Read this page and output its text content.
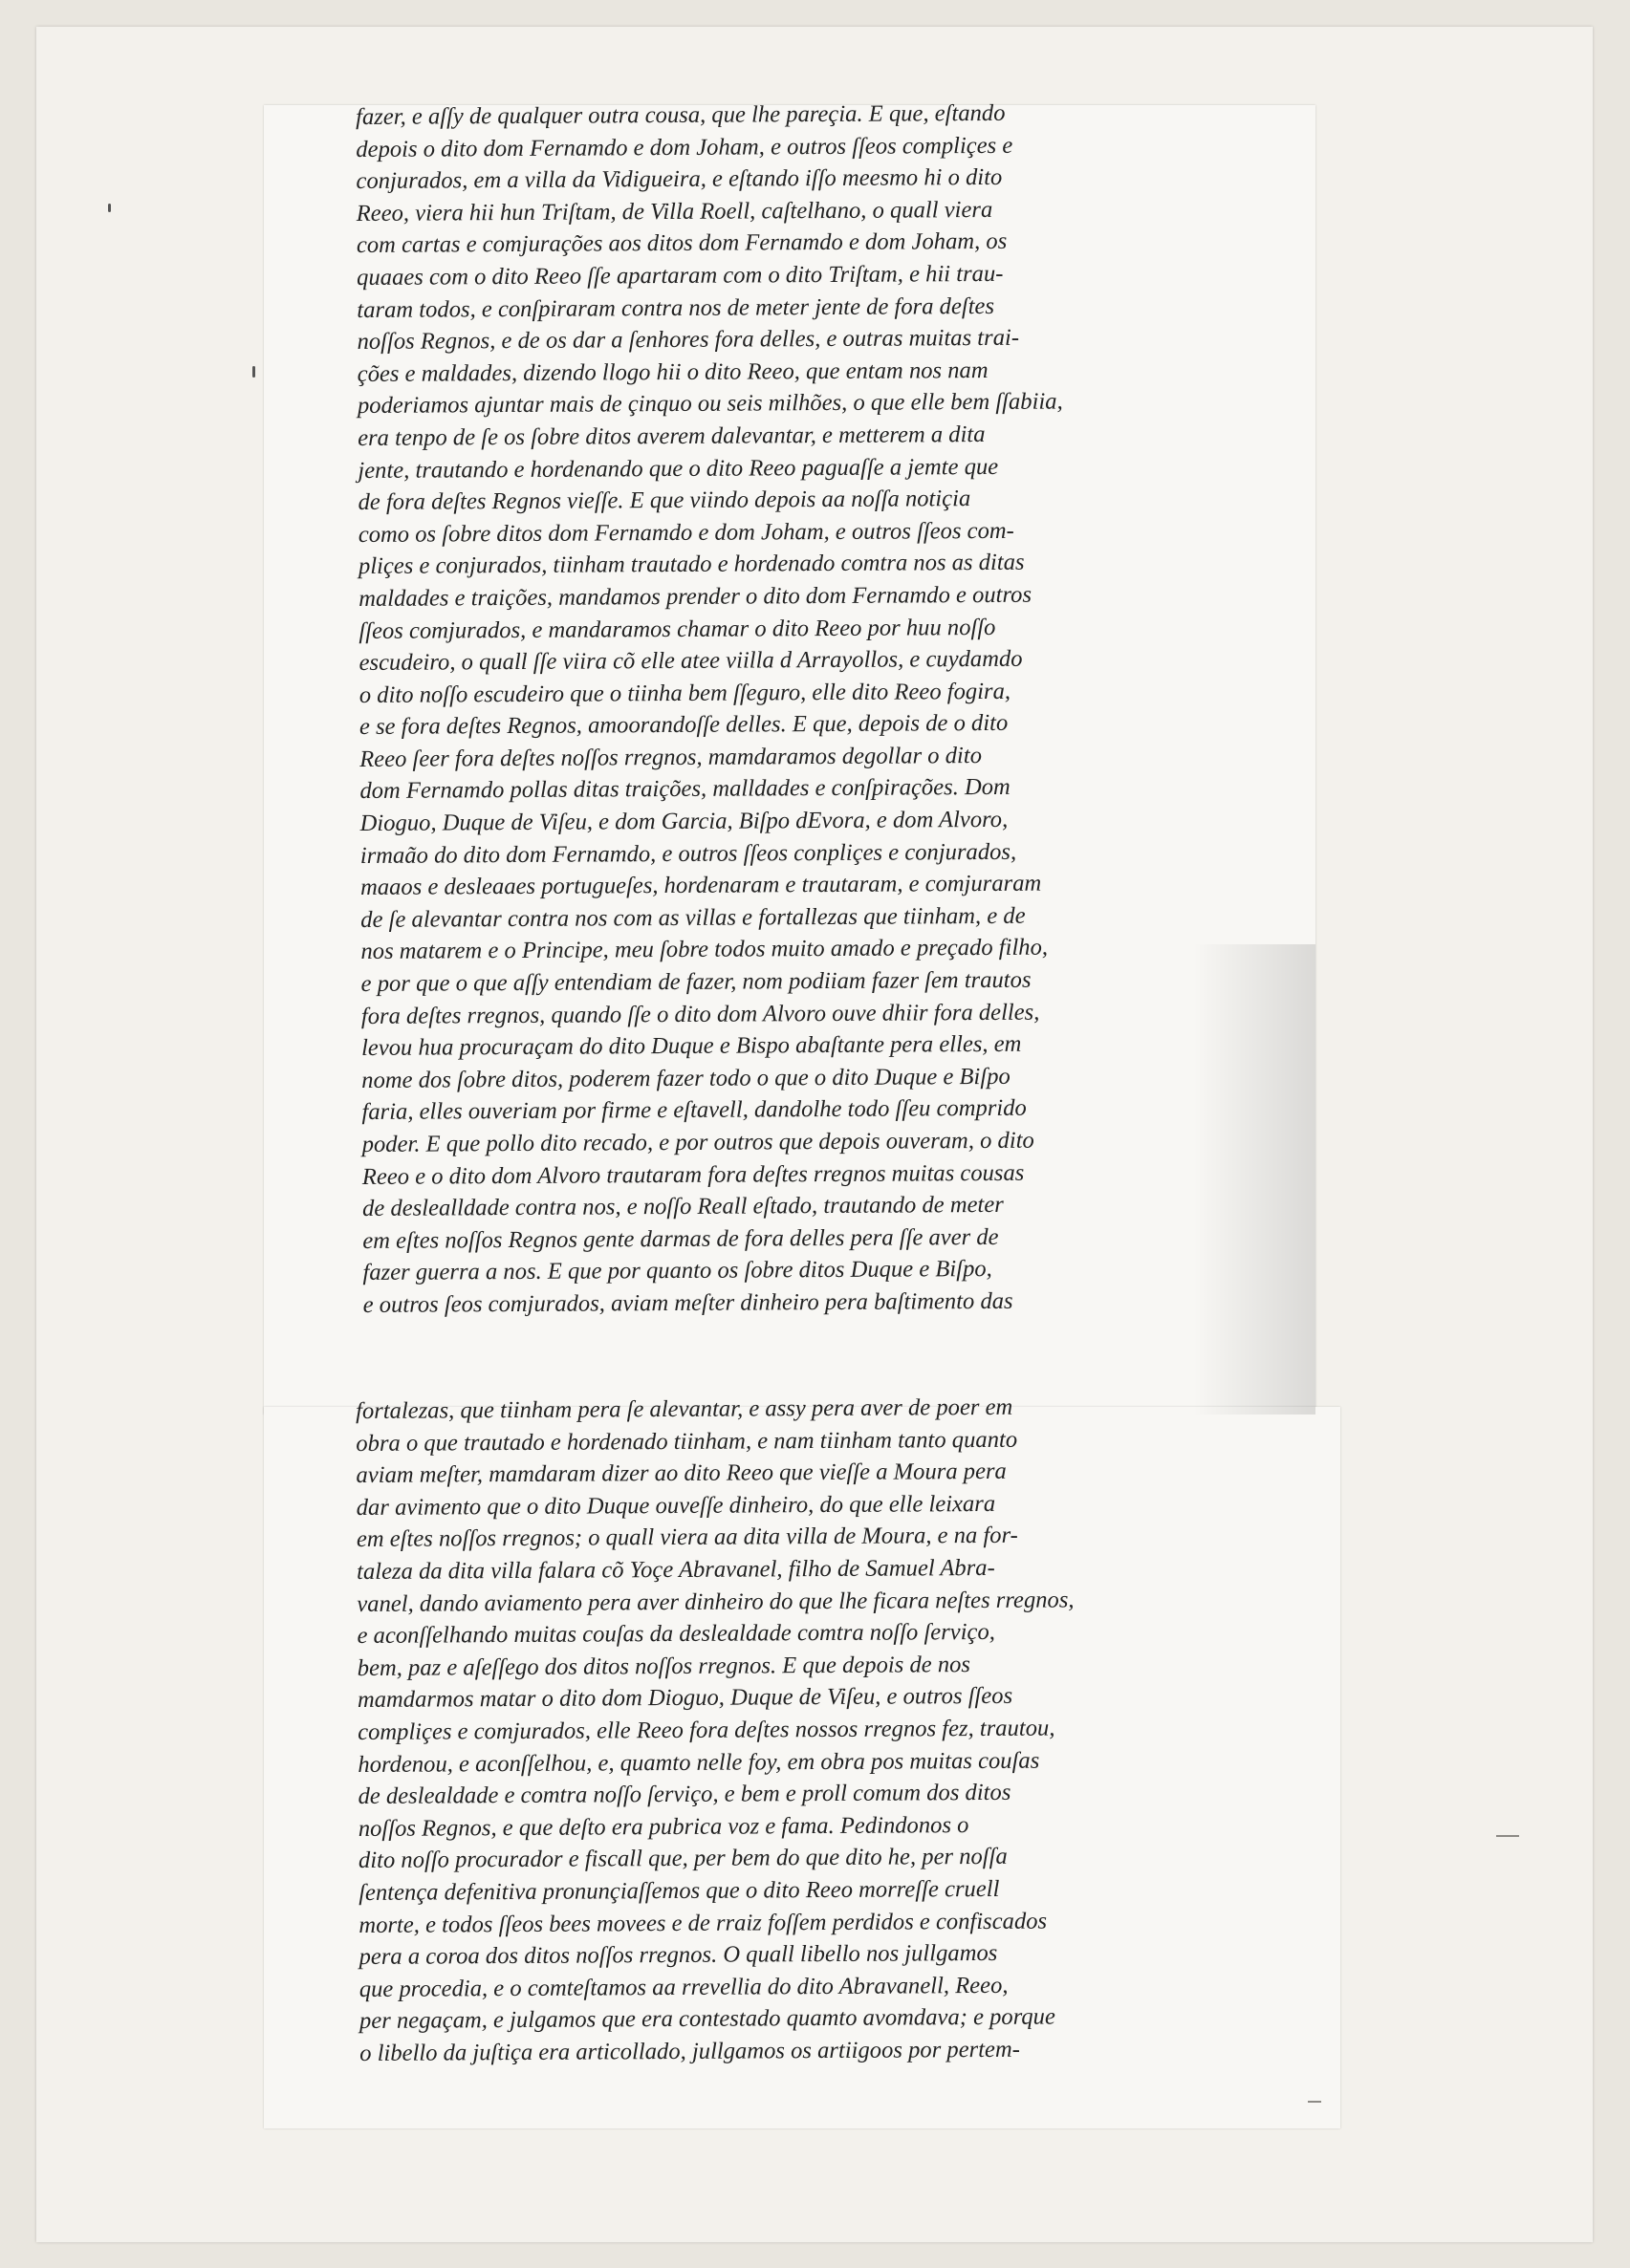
fazer, e aſſy de qualquer outra cousa, que lhe pareçia. E que, eſtando
depois o dito dom Fernamdo e dom Joham, e outros ſſeos compliçes e
conjurados, em a villa da Vidigueira, e eſtando iſſo meesmo hi o dito
Reeo, viera hii hun Triſtam, de Villa Roell, caſtelhano, o quall viera
com cartas e comjurações aos ditos dom Fernamdo e dom Joham, os
quaaes com o dito Reeo ſſe apartaram com o dito Triſtam, e hii trau-
taram todos, e conſpiraram contra nos de meter jente de fora deſtes
noſſos Regnos, e de os dar a ſenhores fora delles, e outras muitas trai-
ções e maldades, dizendo llogo hii o dito Reeo, que entam nos nam
poderiamos ajuntar mais de çinquo ou seis milhões, o que elle bem ſſabiia,
era tenpo de ſe os ſobre ditos averem dalevantar, e metterem a dita
jente, trautando e hordenando que o dito Reeo paguaſſe a jemte que
de fora deſtes Regnos vieſſe. E que viindo depois aa noſſa notiçia
como os ſobre ditos dom Fernamdo e dom Joham, e outros ſſeos com-
pliçes e conjurados, tiinham trautado e hordenado comtra nos as ditas
maldades e traições, mandamos prender o dito dom Fernamdo e outros
ſſeos comjurados, e mandaramos chamar o dito Reeo por huu noſſo
escudeiro, o quall ſſe viira cõ elle atee viilla d Arrayollos, e cuydamdo
o dito noſſo escudeiro que o tiinha bem ſſeguro, elle dito Reeo fogira,
e se fora deſtes Regnos, amoorandoſſe delles. E que, depois de o dito
Reeo ſeer fora deſtes noſſos rregnos, mamdaramos degollar o dito
dom Fernamdo pollas ditas traições, malldades e conſpirações. Dom
Dioguo, Duque de Viſeu, e dom Garcia, Biſpo dEvora, e dom Alvoro,
irmaão do dito dom Fernamdo, e outros ſſeos conpliçes e conjurados,
maaos e desleaaes portugueſes, hordenaram e trautaram, e comjuraram
de ſe alevantar contra nos com as villas e fortallezas que tiinham, e de
nos matarem e o Principe, meu ſobre todos muito amado e preçado filho,
e por que o que aſſy entendiam de fazer, nom podiiam fazer ſem trautos
fora deſtes rregnos, quando ſſe o dito dom Alvoro ouve dhiir fora delles,
levou hua procuraçam do dito Duque e Bispo abaſtante pera elles, em
nome dos ſobre ditos, poderem fazer todo o que o dito Duque e Biſpo
faria, elles ouveriam por firme e eſtavell, dandolhe todo ſſeu comprido
poder. E que pollo dito recado, e por outros que depois ouveram, o dito
Reeo e o dito dom Alvoro trautaram fora deſtes rregnos muitas cousas
de deslealldade contra nos, e noſſo Reall eſtado, trautando de meter
em eſtes noſſos Regnos gente darmas de fora delles pera ſſe aver de
fazer guerra a nos. E que por quanto os ſobre ditos Duque e Biſpo,
e outros ſeos comjurados, aviam meſter dinheiro pera baſtimento das
fortalezas, que tiinham pera ſe alevantar, e assy pera aver de poer em
obra o que trautado e hordenado tiinham, e nam tiinham tanto quanto
aviam meſter, mamdaram dizer ao dito Reeo que vieſſe a Moura pera
dar avimento que o dito Duque ouveſſe dinheiro, do que elle leixara
em eſtes noſſos rregnos; o quall viera aa dita villa de Moura, e na for-
taleza da dita villa falara cõ Yoçe Abravanel, filho de Samuel Abra-
vanel, dando aviamento pera aver dinheiro do que lhe ficara neſtes rregnos,
e aconſſelhando muitas couſas da deslealdade comtra noſſo ſerviço,
bem, paz e aſeſſego dos ditos noſſos rregnos. E que depois de nos
mamdarmos matar o dito dom Dioguo, Duque de Viſeu, e outros ſſeos
compliçes e comjurados, elle Reeo fora deſtes nossos rregnos fez, trautou,
hordenou, e aconſſelhou, e, quamto nelle foy, em obra pos muitas couſas
de deslealdade e comtra noſſo ſerviço, e bem e proll comum dos ditos
noſſos Regnos, e que deſto era pubrica voz e fama. Pedindonos o
dito noſſo procurador e fiscall que, per bem do que dito he, per noſſa
ſentença defenitiva pronunçiaſſemos que o dito Reeo morreſſe cruell
morte, e todos ſſeos bees movees e de rraiz foſſem perdidos e confiscados
pera a coroa dos ditos noſſos rregnos. O quall libello nos jullgamos
que procedia, e o comteſtamos aa rrevellia do dito Abravanell, Reeo,
per negaçam, e julgamos que era contestado quamto avomdava; e porque
o libello da juſtiça era articollado, jullgamos os artiigoos por pertem-
